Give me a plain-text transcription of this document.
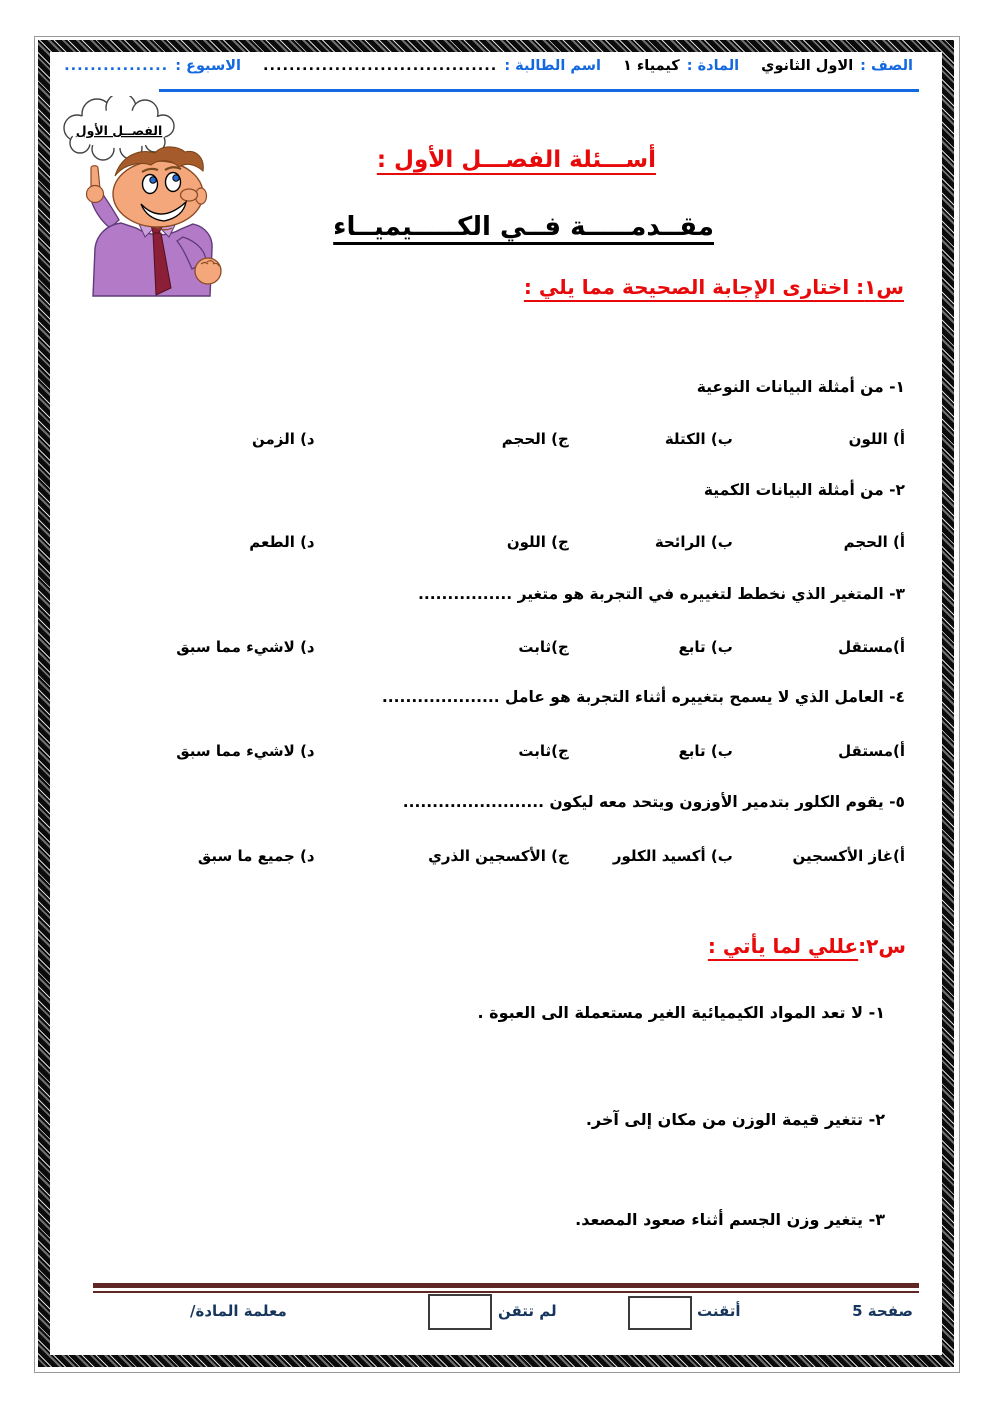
الصف :
الاول الثانوي
المادة :
كيمياء ١
اسم الطالبة :
....................................
الاسبوع :
................
الفصــل الأول
أســـئلة الفصـــل الأول :
مقــدمـــــة فــي الكـــــيميــاء
س١: اختارى الإجابة الصحيحة مما يلي :
١- من أمثلة البيانات النوعية
أ) اللون
ب) الكتلة
ج) الحجم
د) الزمن
٢- من أمثلة البيانات الكمية
أ) الحجم
ب) الرائحة
ج) اللون
د) الطعم
٣- المتغير الذي نخطط لتغييره في التجربة هو متغير ................
أ)مستقل
ب) تابع
ج)ثابت
د) لاشيء مما سبق
٤- العامل الذي لا يسمح بتغييره أثناء التجربة هو عامل ....................
أ)مستقل
ب) تابع
ج)ثابت
د) لاشيء مما سبق
٥- يقوم الكلور بتدمير الأوزون ويتحد معه ليكون ........................
أ)غاز الأكسجين
ب) أكسيد الكلور
ج) الأكسجين الذري
د) جميع ما سبق
س٢:عللي لما يأتي :
١- لا تعد المواد الكيميائية الغير مستعملة الى العبوة .
٢- تتغير قيمة الوزن من مكان إلى آخر.
٣- يتغير وزن الجسم أثناء صعود المصعد.
صفحة 5
أتقنت
لم تتقن
معلمة المادة/
